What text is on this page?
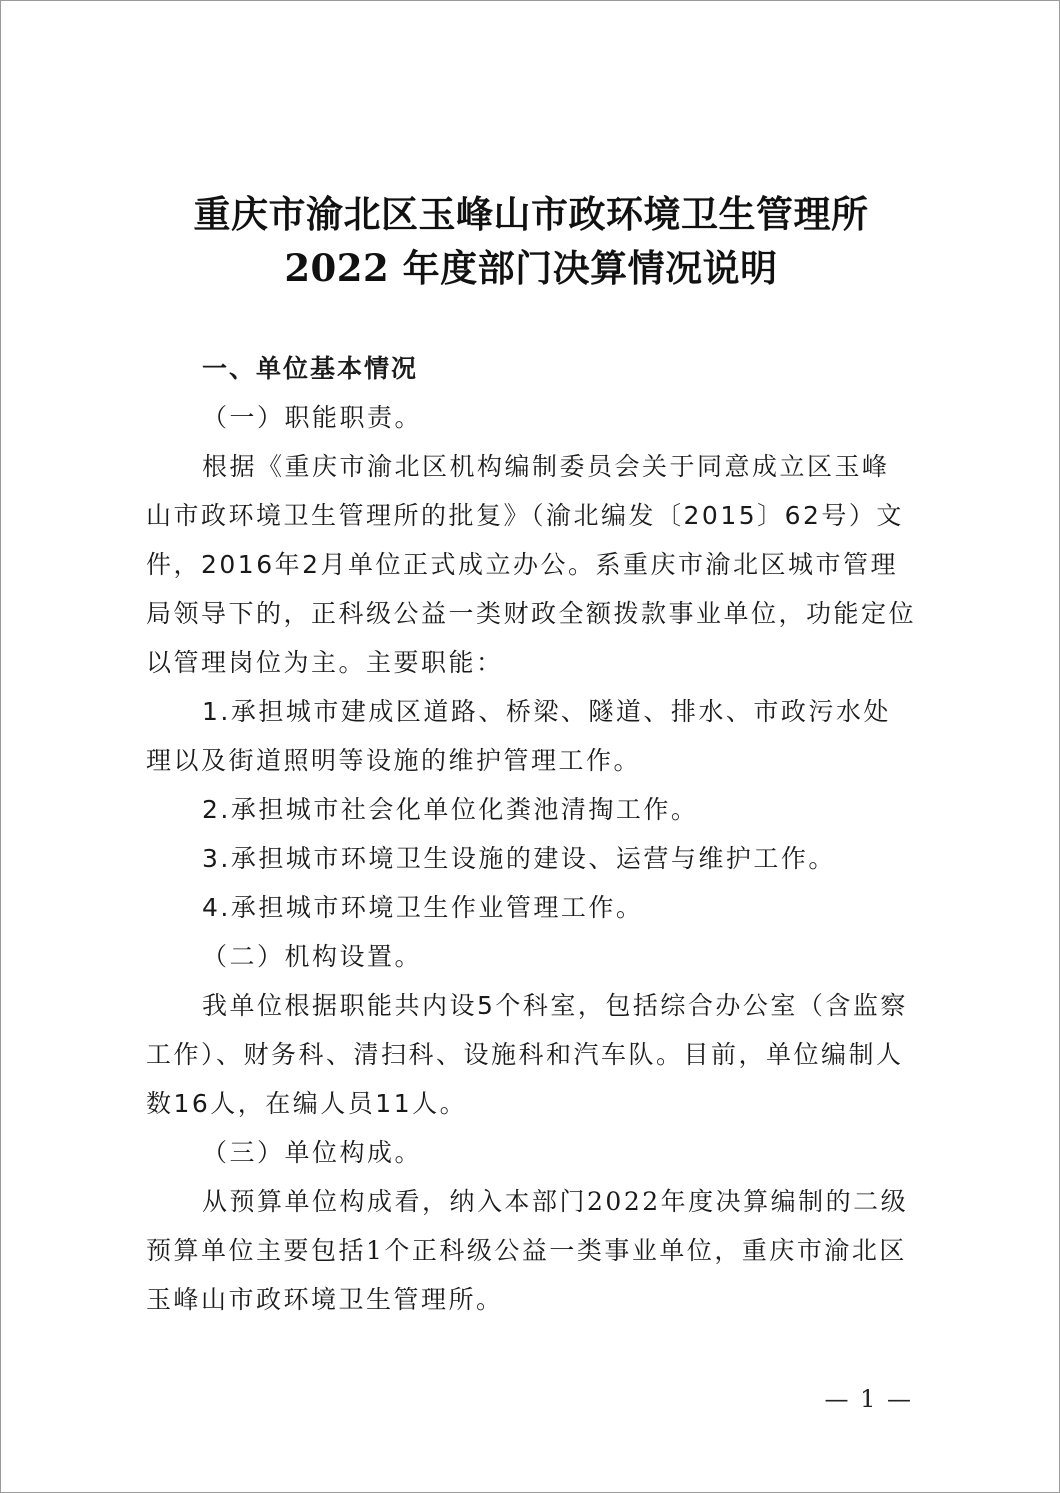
重庆市渝北区玉峰山市政环境卫生管理所
2022 年度部门决算情况说明

一、单位基本情况

（一）职能职责。

根据《重庆市渝北区机构编制委员会关于同意成立区玉峰山市政环境卫生管理所的批复》（渝北编发〔2015〕62号）文件，2016年2月单位正式成立办公。系重庆市渝北区城市管理局领导下的，正科级公益一类财政全额拨款事业单位，功能定位以管理岗位为主。主要职能：

1.承担城市建成区道路、桥梁、隧道、排水、市政污水处理以及街道照明等设施的维护管理工作。

2.承担城市社会化单位化粪池清掏工作。

3.承担城市环境卫生设施的建设、运营与维护工作。

4.承担城市环境卫生作业管理工作。

（二）机构设置。

我单位根据职能共内设5个科室，包括综合办公室（含监察工作）、财务科、清扫科、设施科和汽车队。目前，单位编制人数16人，在编人员11人。

（三）单位构成。

从预算单位构成看，纳入本部门2022年度决算编制的二级预算单位主要包括1个正科级公益一类事业单位，重庆市渝北区玉峰山市政环境卫生管理所。

— 1 —
